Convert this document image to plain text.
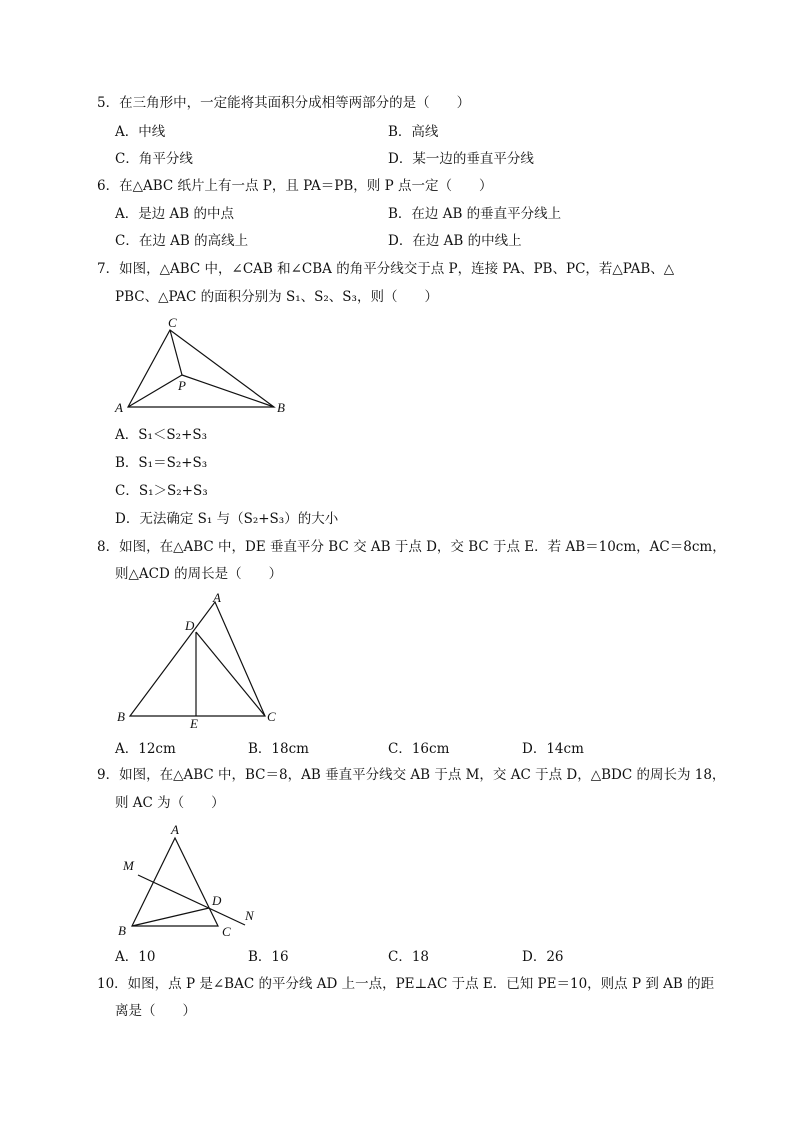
5．在三角形中，一定能将其面积分成相等两部分的是（　　）
A．中线	B．高线
C．角平分线	D．某一边的垂直平分线
6．在△ABC 纸片上有一点 P，且 PA＝PB，则 P 点一定（　　）
A．是边 AB 的中点	B．在边 AB 的垂直平分线上
C．在边 AB 的高线上	D．在边 AB 的中线上
7．如图，△ABC 中，∠CAB 和∠CBA 的角平分线交于点 P，连接 PA、PB、PC，若△PAB、△
PBC、△PAC 的面积分别为 S₁、S₂、S₃，则（　　）
C
P
A	B
A．S₁＜S₂+S₃
B．S₁＝S₂+S₃
C．S₁＞S₂+S₃
D．无法确定 S₁ 与（S₂+S₃）的大小
8．如图，在△ABC 中，DE 垂直平分 BC 交 AB 于点 D，交 BC 于点 E．若 AB＝10cm，AC＝8cm，
则△ACD 的周长是（　　）
A
D
B	E	C
A．12cm	B．18cm	C．16cm	D．14cm
9．如图，在△ABC 中，BC＝8，AB 垂直平分线交 AB 于点 M，交 AC 于点 D，△BDC 的周长为 18，
则 AC 为（　　）
A
M
D
N
B	C
A．10	B．16	C．18	D．26
10．如图，点 P 是∠BAC 的平分线 AD 上一点，PE⊥AC 于点 E．已知 PE＝10，则点 P 到 AB 的距
离是（　　）
